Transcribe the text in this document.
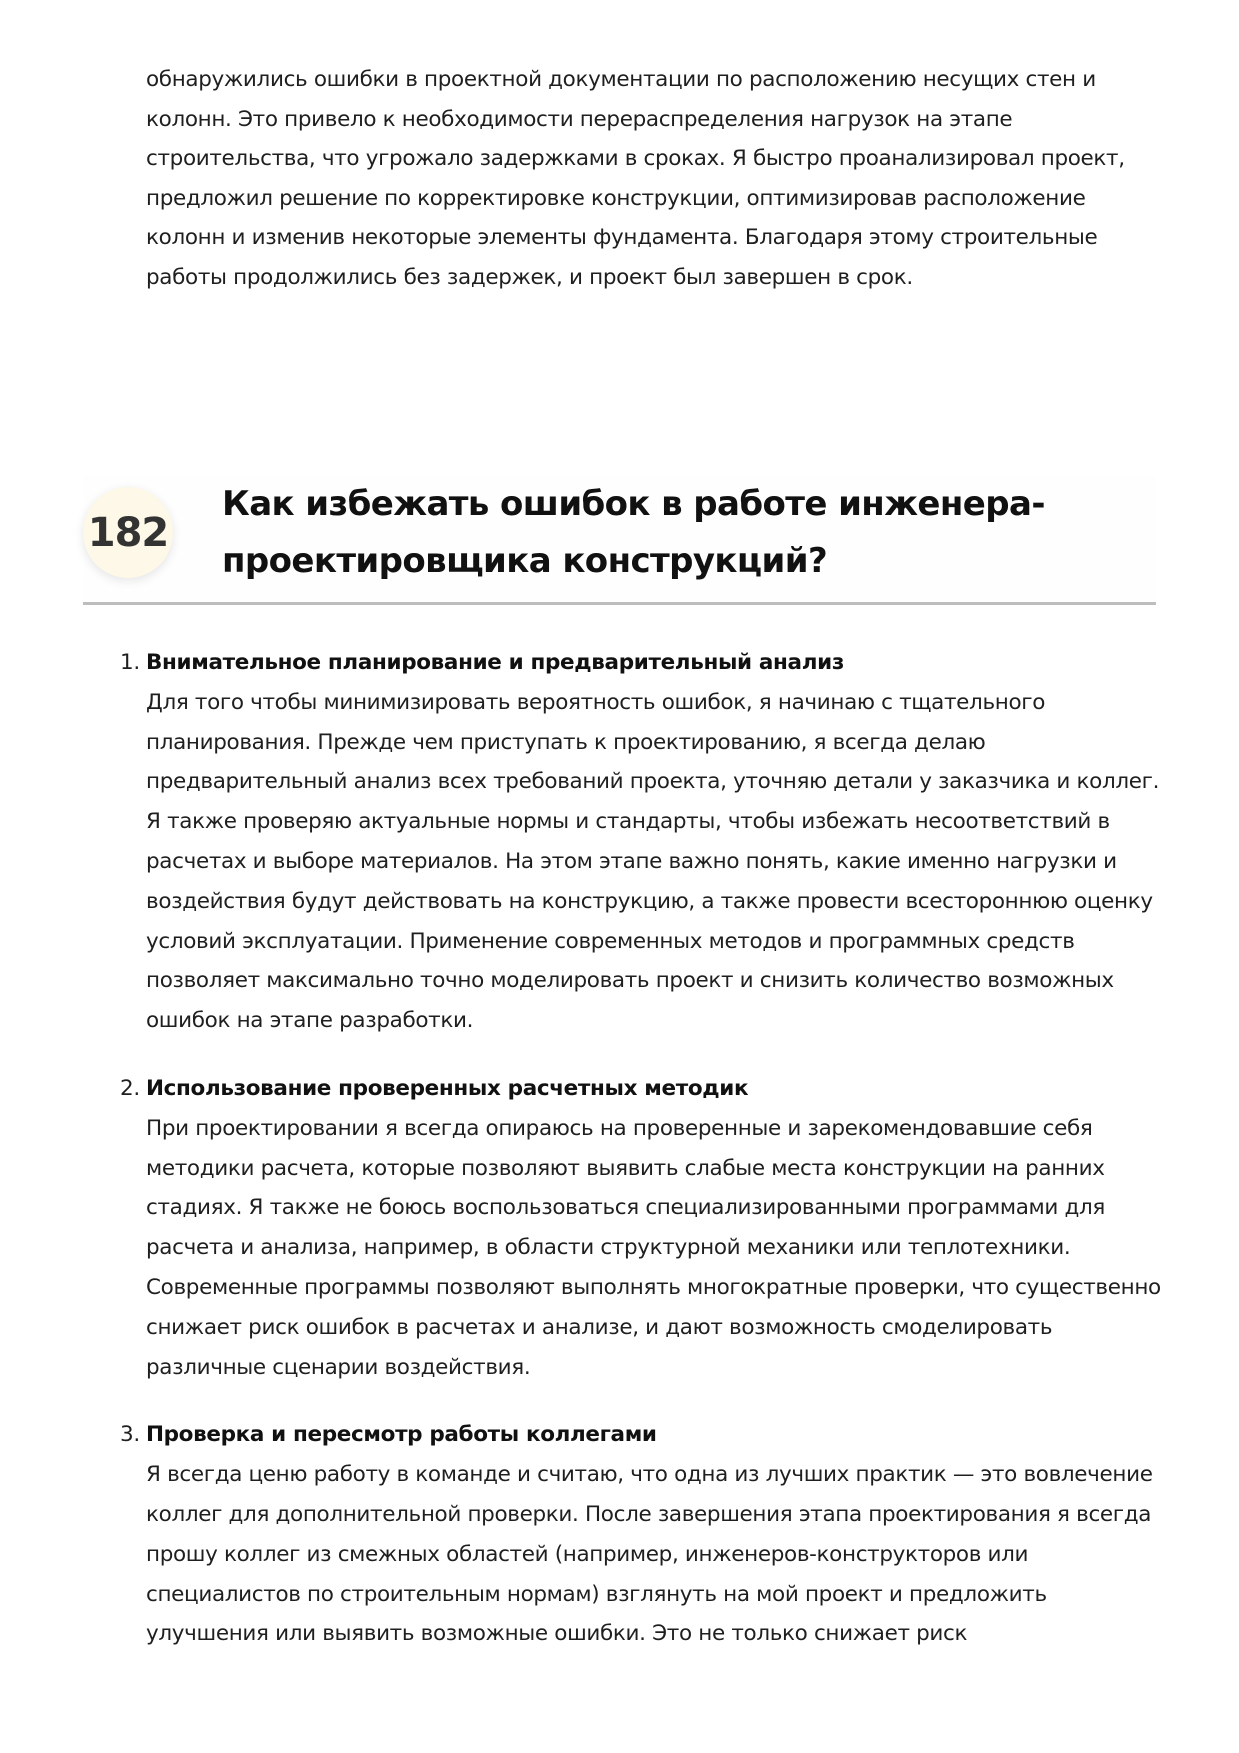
обнаружились ошибки в проектной документации по расположению несущих стен и колонн. Это привело к необходимости перераспределения нагрузок на этапе строительства, что угрожало задержками в сроках. Я быстро проанализировал проект, предложил решение по корректировке конструкции, оптимизировав расположение колонн и изменив некоторые элементы фундамента. Благодаря этому строительные работы продолжились без задержек, и проект был завершен в срок.

182
Как избежать ошибок в работе инженера-проектировщика конструкций?
1. Внимательное планирование и предварительный анализ
Для того чтобы минимизировать вероятность ошибок, я начинаю с тщательного планирования. Прежде чем приступать к проектированию, я всегда делаю предварительный анализ всех требований проекта, уточняю детали у заказчика и коллег. Я также проверяю актуальные нормы и стандарты, чтобы избежать несоответствий в расчетах и выборе материалов. На этом этапе важно понять, какие именно нагрузки и воздействия будут действовать на конструкцию, а также провести всестороннюю оценку условий эксплуатации. Применение современных методов и программных средств позволяет максимально точно моделировать проект и снизить количество возможных ошибок на этапе разработки.
2. Использование проверенных расчетных методик
При проектировании я всегда опираюсь на проверенные и зарекомендовавшие себя методики расчета, которые позволяют выявить слабые места конструкции на ранних стадиях. Я также не боюсь воспользоваться специализированными программами для расчета и анализа, например, в области структурной механики или теплотехники. Современные программы позволяют выполнять многократные проверки, что существенно снижает риск ошибок в расчетах и анализе, и дают возможность смоделировать различные сценарии воздействия.
3. Проверка и пересмотр работы коллегами
Я всегда ценю работу в команде и считаю, что одна из лучших практик — это вовлечение коллег для дополнительной проверки. После завершения этапа проектирования я всегда прошу коллег из смежных областей (например, инженеров-конструкторов или специалистов по строительным нормам) взглянуть на мой проект и предложить улучшения или выявить возможные ошибки. Это не только снижает риск
